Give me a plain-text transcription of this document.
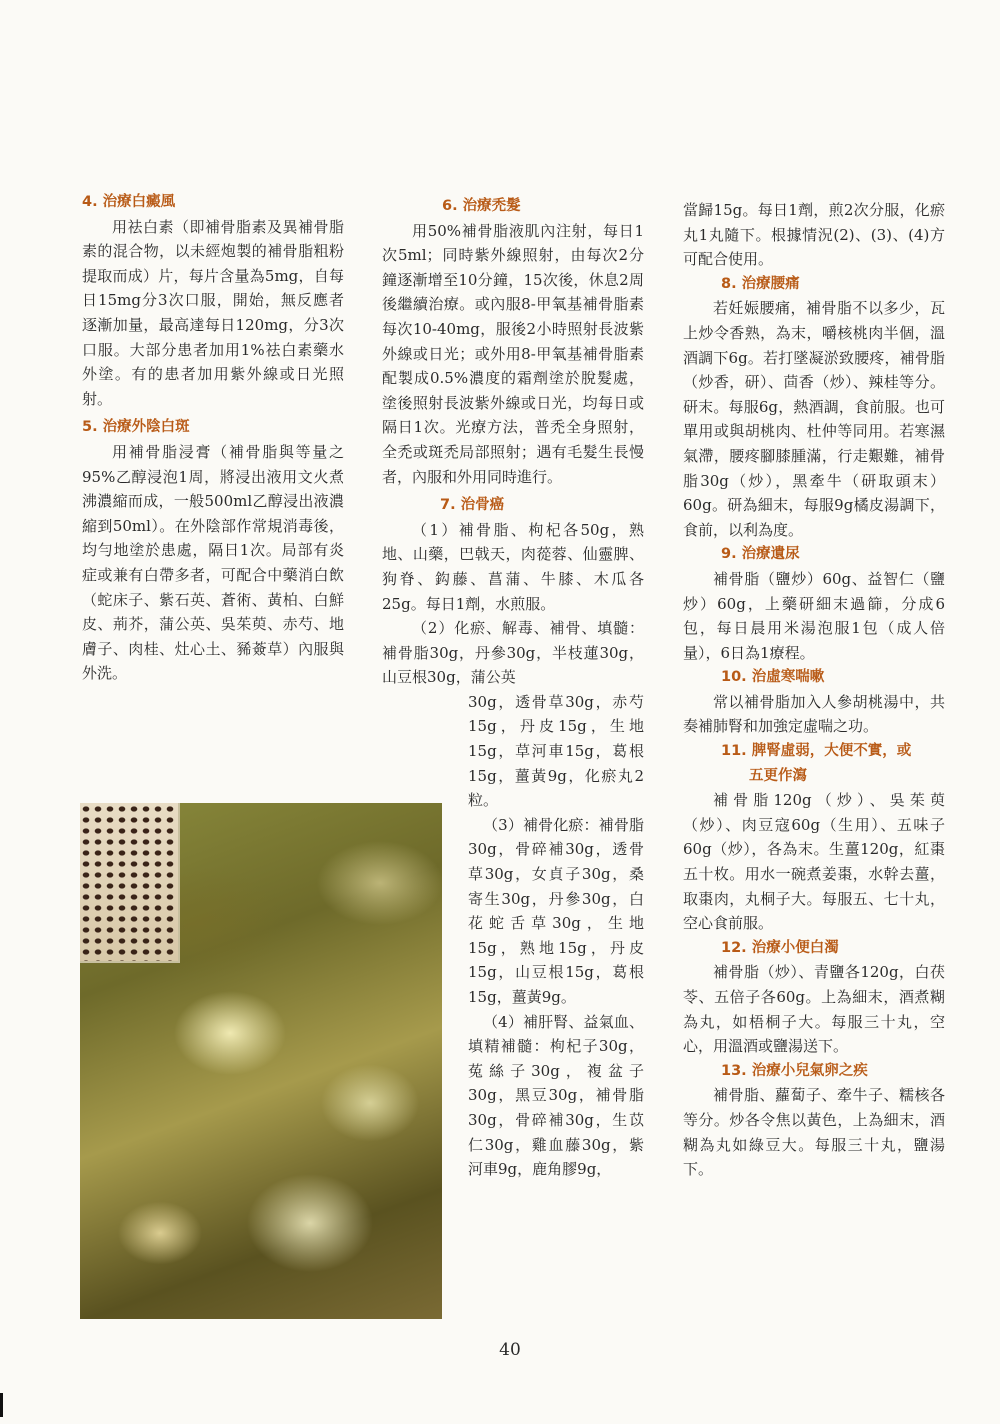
4. 治療白癜風

用祛白素（即補骨脂素及異補骨脂素的混合物，以未經炮製的補骨脂粗粉提取而成）片，每片含量為5mg，自每日15mg分3次口服，開始，無反應者逐漸加量，最高達每日120mg，分3次口服。大部分患者加用1%祛白素藥水外塗。有的患者加用紫外線或日光照射。

5. 治療外陰白斑

用補骨脂浸膏（補骨脂與等量之95%乙醇浸泡1周，將浸出液用文火煮沸濃縮而成，一般500ml乙醇浸出液濃縮到50ml）。在外陰部作常規消毒後，均勻地塗於患處，隔日1次。局部有炎症或兼有白帶多者，可配合中藥消白飲（蛇床子、紫石英、蒼術、黃柏、白鮮皮、荊芥，蒲公英、吳茱萸、赤芍、地膚子、肉桂、灶心土、豨薟草）內服與外洗。

6. 治療禿髮

用50%補骨脂液肌內注射，每日1次5ml；同時紫外線照射，由每次2分鐘逐漸增至10分鐘，15次後，休息2周後繼續治療。或內服8-甲氧基補骨脂素每次10-40mg，服後2小時照射長波紫外線或日光；或外用8-甲氧基補骨脂素配製成0.5%濃度的霜劑塗於脫髮處，塗後照射長波紫外線或日光，均每日或隔日1次。光療方法，普禿全身照射，全禿或斑禿局部照射；遇有毛髮生長慢者，內服和外用同時進行。

7. 治骨癌

（1）補骨脂、枸杞各50g，熟地、山藥，巴戟天，肉蓯蓉、仙靈脾、狗脊、鈎藤、菖蒲、牛膝、木瓜各25g。每日1劑，水煎服。

（2）化瘀、解毒、補骨、填髓：補骨脂30g，丹參30g，半枝蓮30g，山豆根30g，蒲公英

30g，透骨草30g，赤芍15g，丹皮15g，生地15g，草河車15g，葛根15g，薑黃9g，化瘀丸2粒。

（3）補骨化瘀：補骨脂30g，骨碎補30g，透骨草30g，女貞子30g，桑寄生30g，丹參30g，白花蛇舌草30g，生地15g，熟地15g，丹皮15g，山豆根15g，葛根15g，薑黃9g。

（4）補肝腎、益氣血、填精補髓：枸杞子30g，菟絲子30g，複盆子30g，黑豆30g，補骨脂30g，骨碎補30g，生苡仁30g，雞血藤30g，紫河車9g，鹿角膠9g，

當歸15g。每日1劑，煎2次分服，化瘀丸1丸隨下。根據情況(2)、(3)、(4)方可配合使用。

8. 治療腰痛

若妊娠腰痛，補骨脂不以多少，瓦上炒令香熟，為末，嚼核桃肉半個，溫酒調下6g。若打墜凝淤致腰疼，補骨脂（炒香，研）、茴香（炒）、辣桂等分。研末。每服6g，熱酒調，食前服。也可單用或與胡桃肉、杜仲等同用。若寒濕氣滯，腰疼腳膝腫滿，行走艱難，補骨脂30g（炒），黑牽牛（研取頭末）60g。研為細末，每服9g橘皮湯調下，食前，以利為度。

9. 治療遺尿

補骨脂（鹽炒）60g、益智仁（鹽炒）60g，上藥研細末過篩，分成6包，每日晨用米湯泡服1包（成人倍量），6日為1療程。

10. 治虛寒喘嗽

常以補骨脂加入人參胡桃湯中，共奏補肺腎和加強定虛喘之功。

11. 脾腎虛弱，大便不實，或

五更作瀉

補骨脂120g（炒）、吳茱萸（炒）、肉豆寇60g（生用）、五味子60g（炒），各為末。生薑120g，紅棗五十枚。用水一碗煮姜棗，水幹去薑，取棗肉，丸桐子大。每服五、七十丸，空心食前服。

12. 治療小便白濁

補骨脂（炒）、青鹽各120g，白茯苓、五倍子各60g。上為細末，酒煮糊為丸，如梧桐子大。每服三十丸，空心，用溫酒或鹽湯送下。

13. 治療小兒氣卵之疾

補骨脂、蘿蔔子、牽牛子、糯核各等分。炒各令焦以黃色，上為細末，酒糊為丸如綠豆大。每服三十丸，鹽湯下。

40
